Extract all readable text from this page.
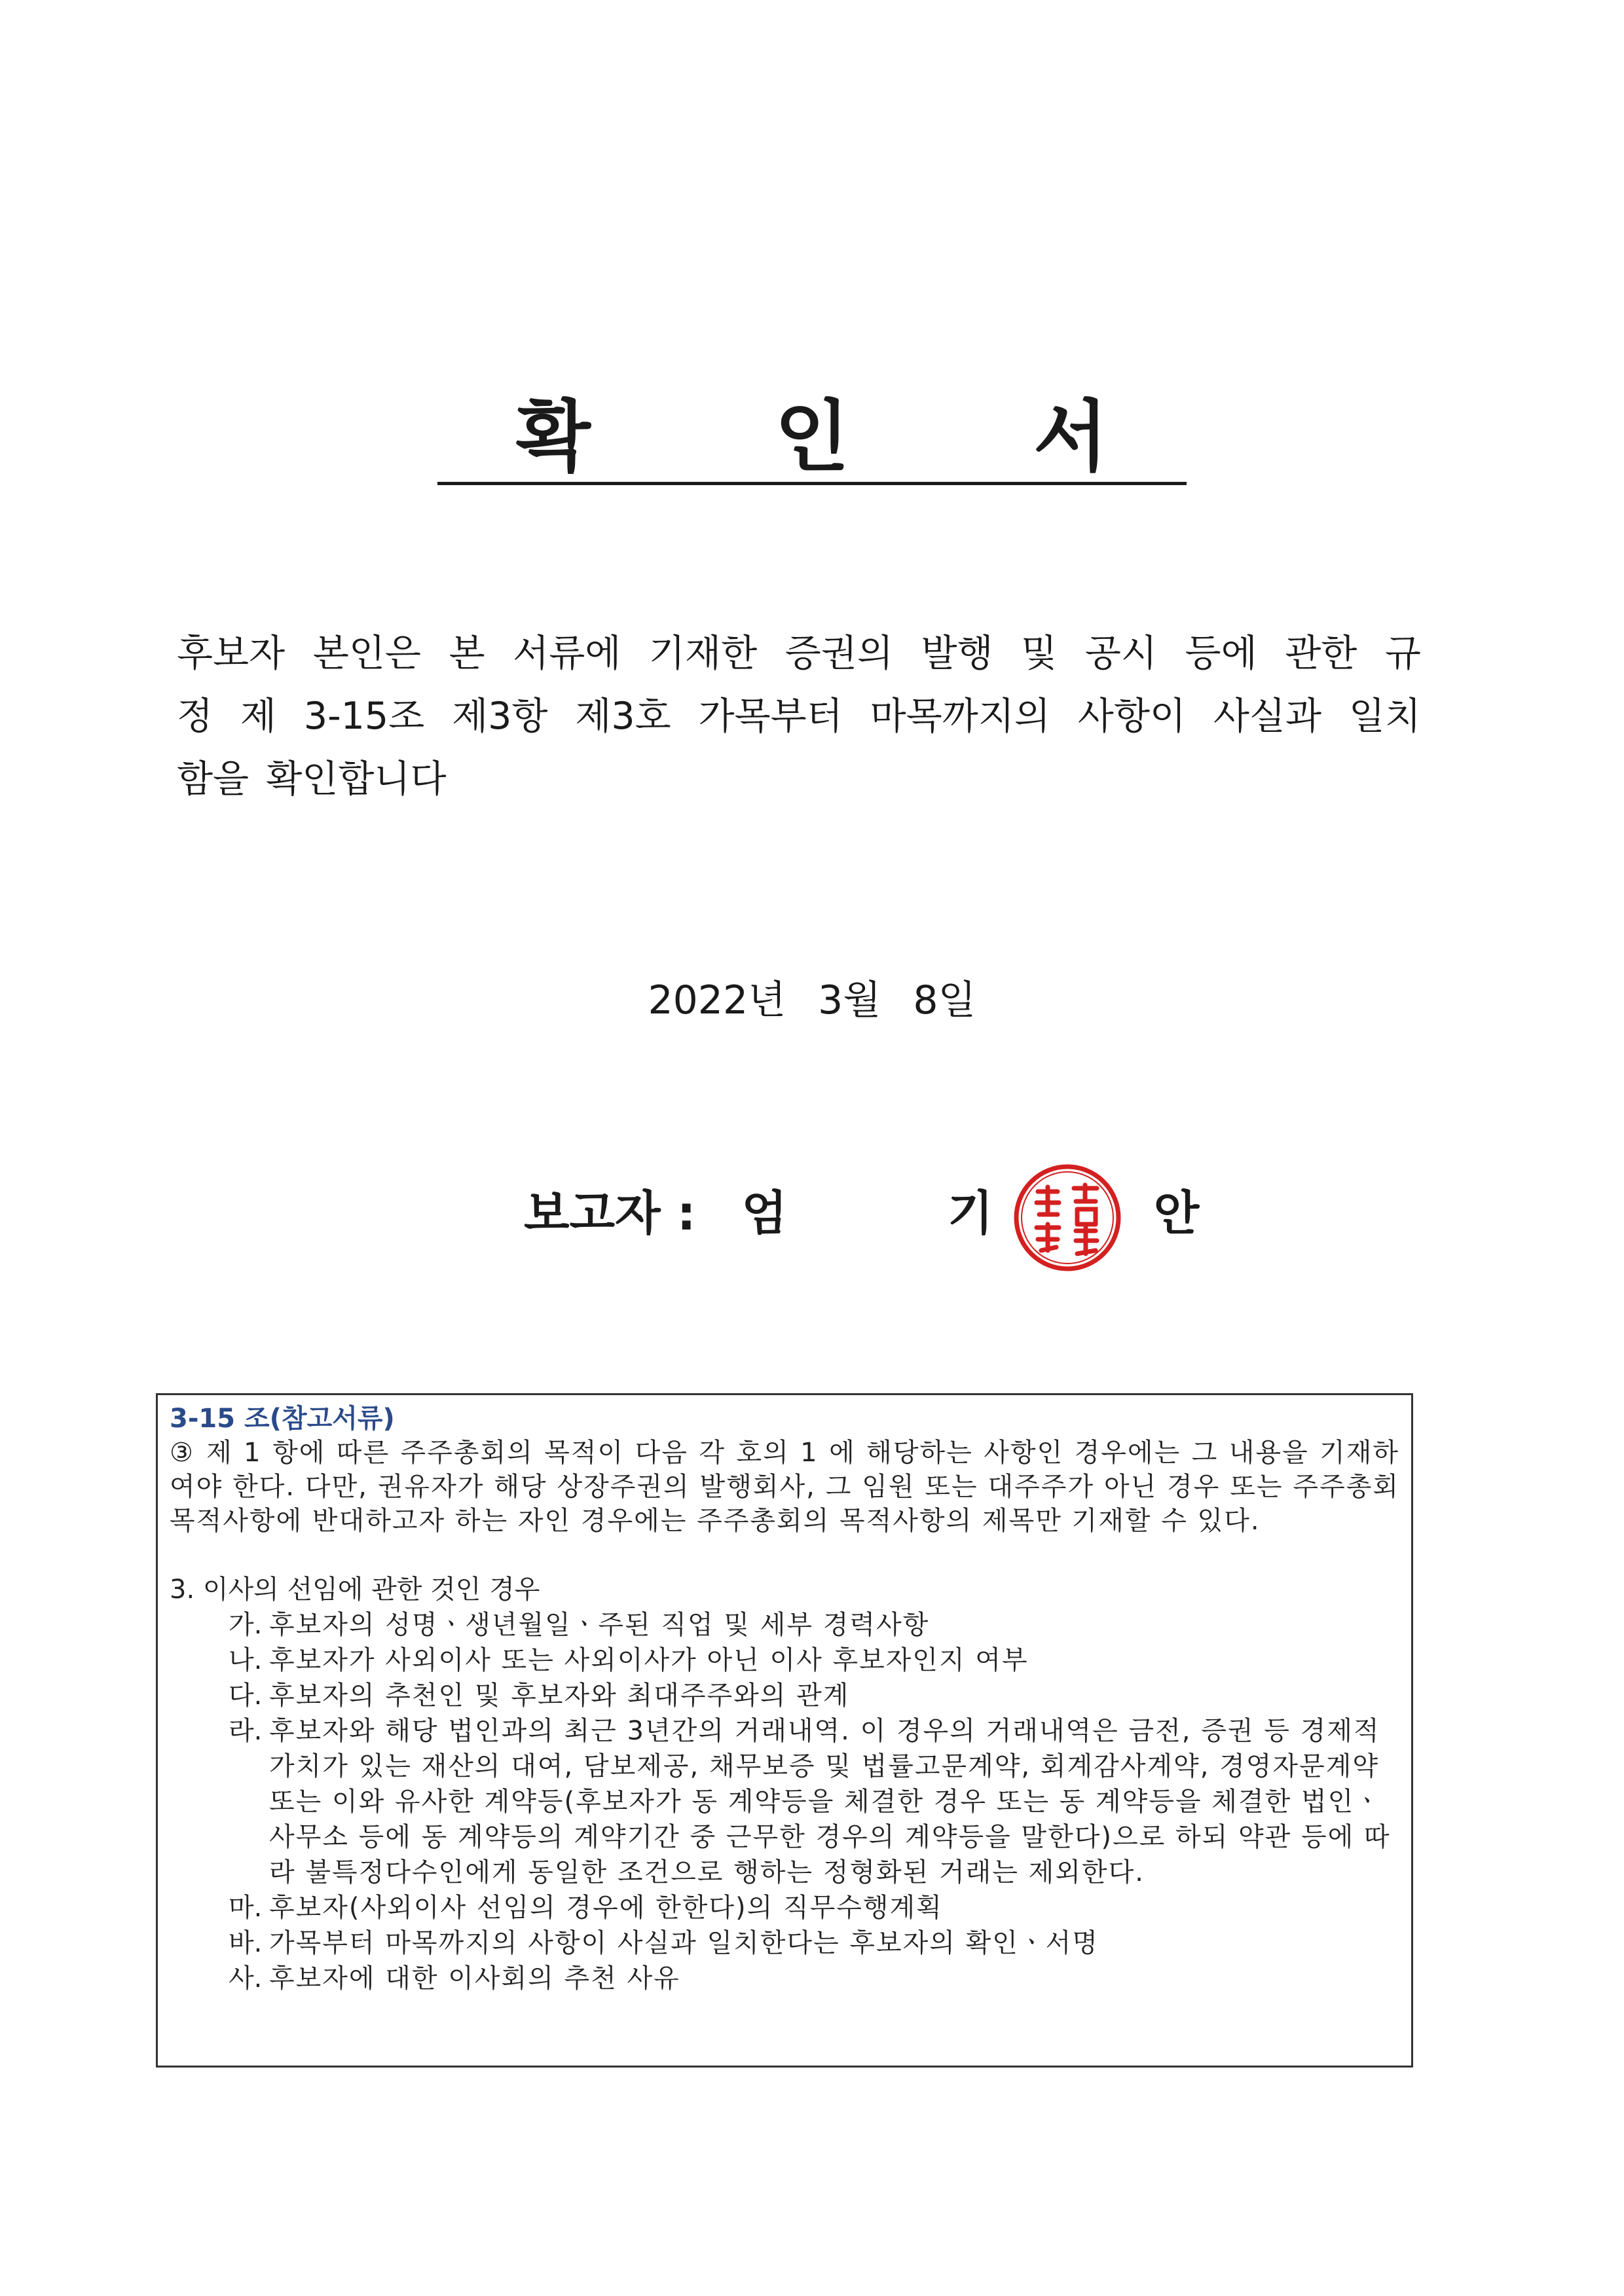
확 인 서
후보자 본인은 본 서류에 기재한 증권의 발행 및 공시 등에 관한 규
정 제 3-15조 제3항 제3호 가목부터 마목까지의 사항이 사실과 일치
함을 확인합니다
2022년 3월 8일
보고자 : 엄 기 안
3-15 조(참고서류)
③ 제 1 항에 따른 주주총회의 목적이 다음 각 호의 1 에 해당하는 사항인 경우에는 그 내용을 기재하여야 한다. 다만, 권유자가 해당 상장주권의 발행회사, 그 임원 또는 대주주가 아닌 경우 또는 주주총회 목적사항에 반대하고자 하는 자인 경우에는 주주총회의 목적사항의 제목만 기재할 수 있다.
3. 이사의 선임에 관한 것인 경우
가. 후보자의 성명ㆍ생년월일ㆍ주된 직업 및 세부 경력사항
나. 후보자가 사외이사 또는 사외이사가 아닌 이사 후보자인지 여부
다. 후보자의 추천인 및 후보자와 최대주주와의 관계
라. 후보자와 해당 법인과의 최근 3년간의 거래내역. 이 경우의 거래내역은 금전, 증권 등 경제적 가치가 있는 재산의 대여, 담보제공, 채무보증 및 법률고문계약, 회계감사계약, 경영자문계약 또는 이와 유사한 계약등(후보자가 동 계약등을 체결한 경우 또는 동 계약등을 체결한 법인ㆍ사무소 등에 동 계약등의 계약기간 중 근무한 경우의 계약등을 말한다)으로 하되 약관 등에 따라 불특정다수인에게 동일한 조건으로 행하는 정형화된 거래는 제외한다.
마. 후보자(사외이사 선임의 경우에 한한다)의 직무수행계획
바. 가목부터 마목까지의 사항이 사실과 일치한다는 후보자의 확인ㆍ서명
사. 후보자에 대한 이사회의 추천 사유
